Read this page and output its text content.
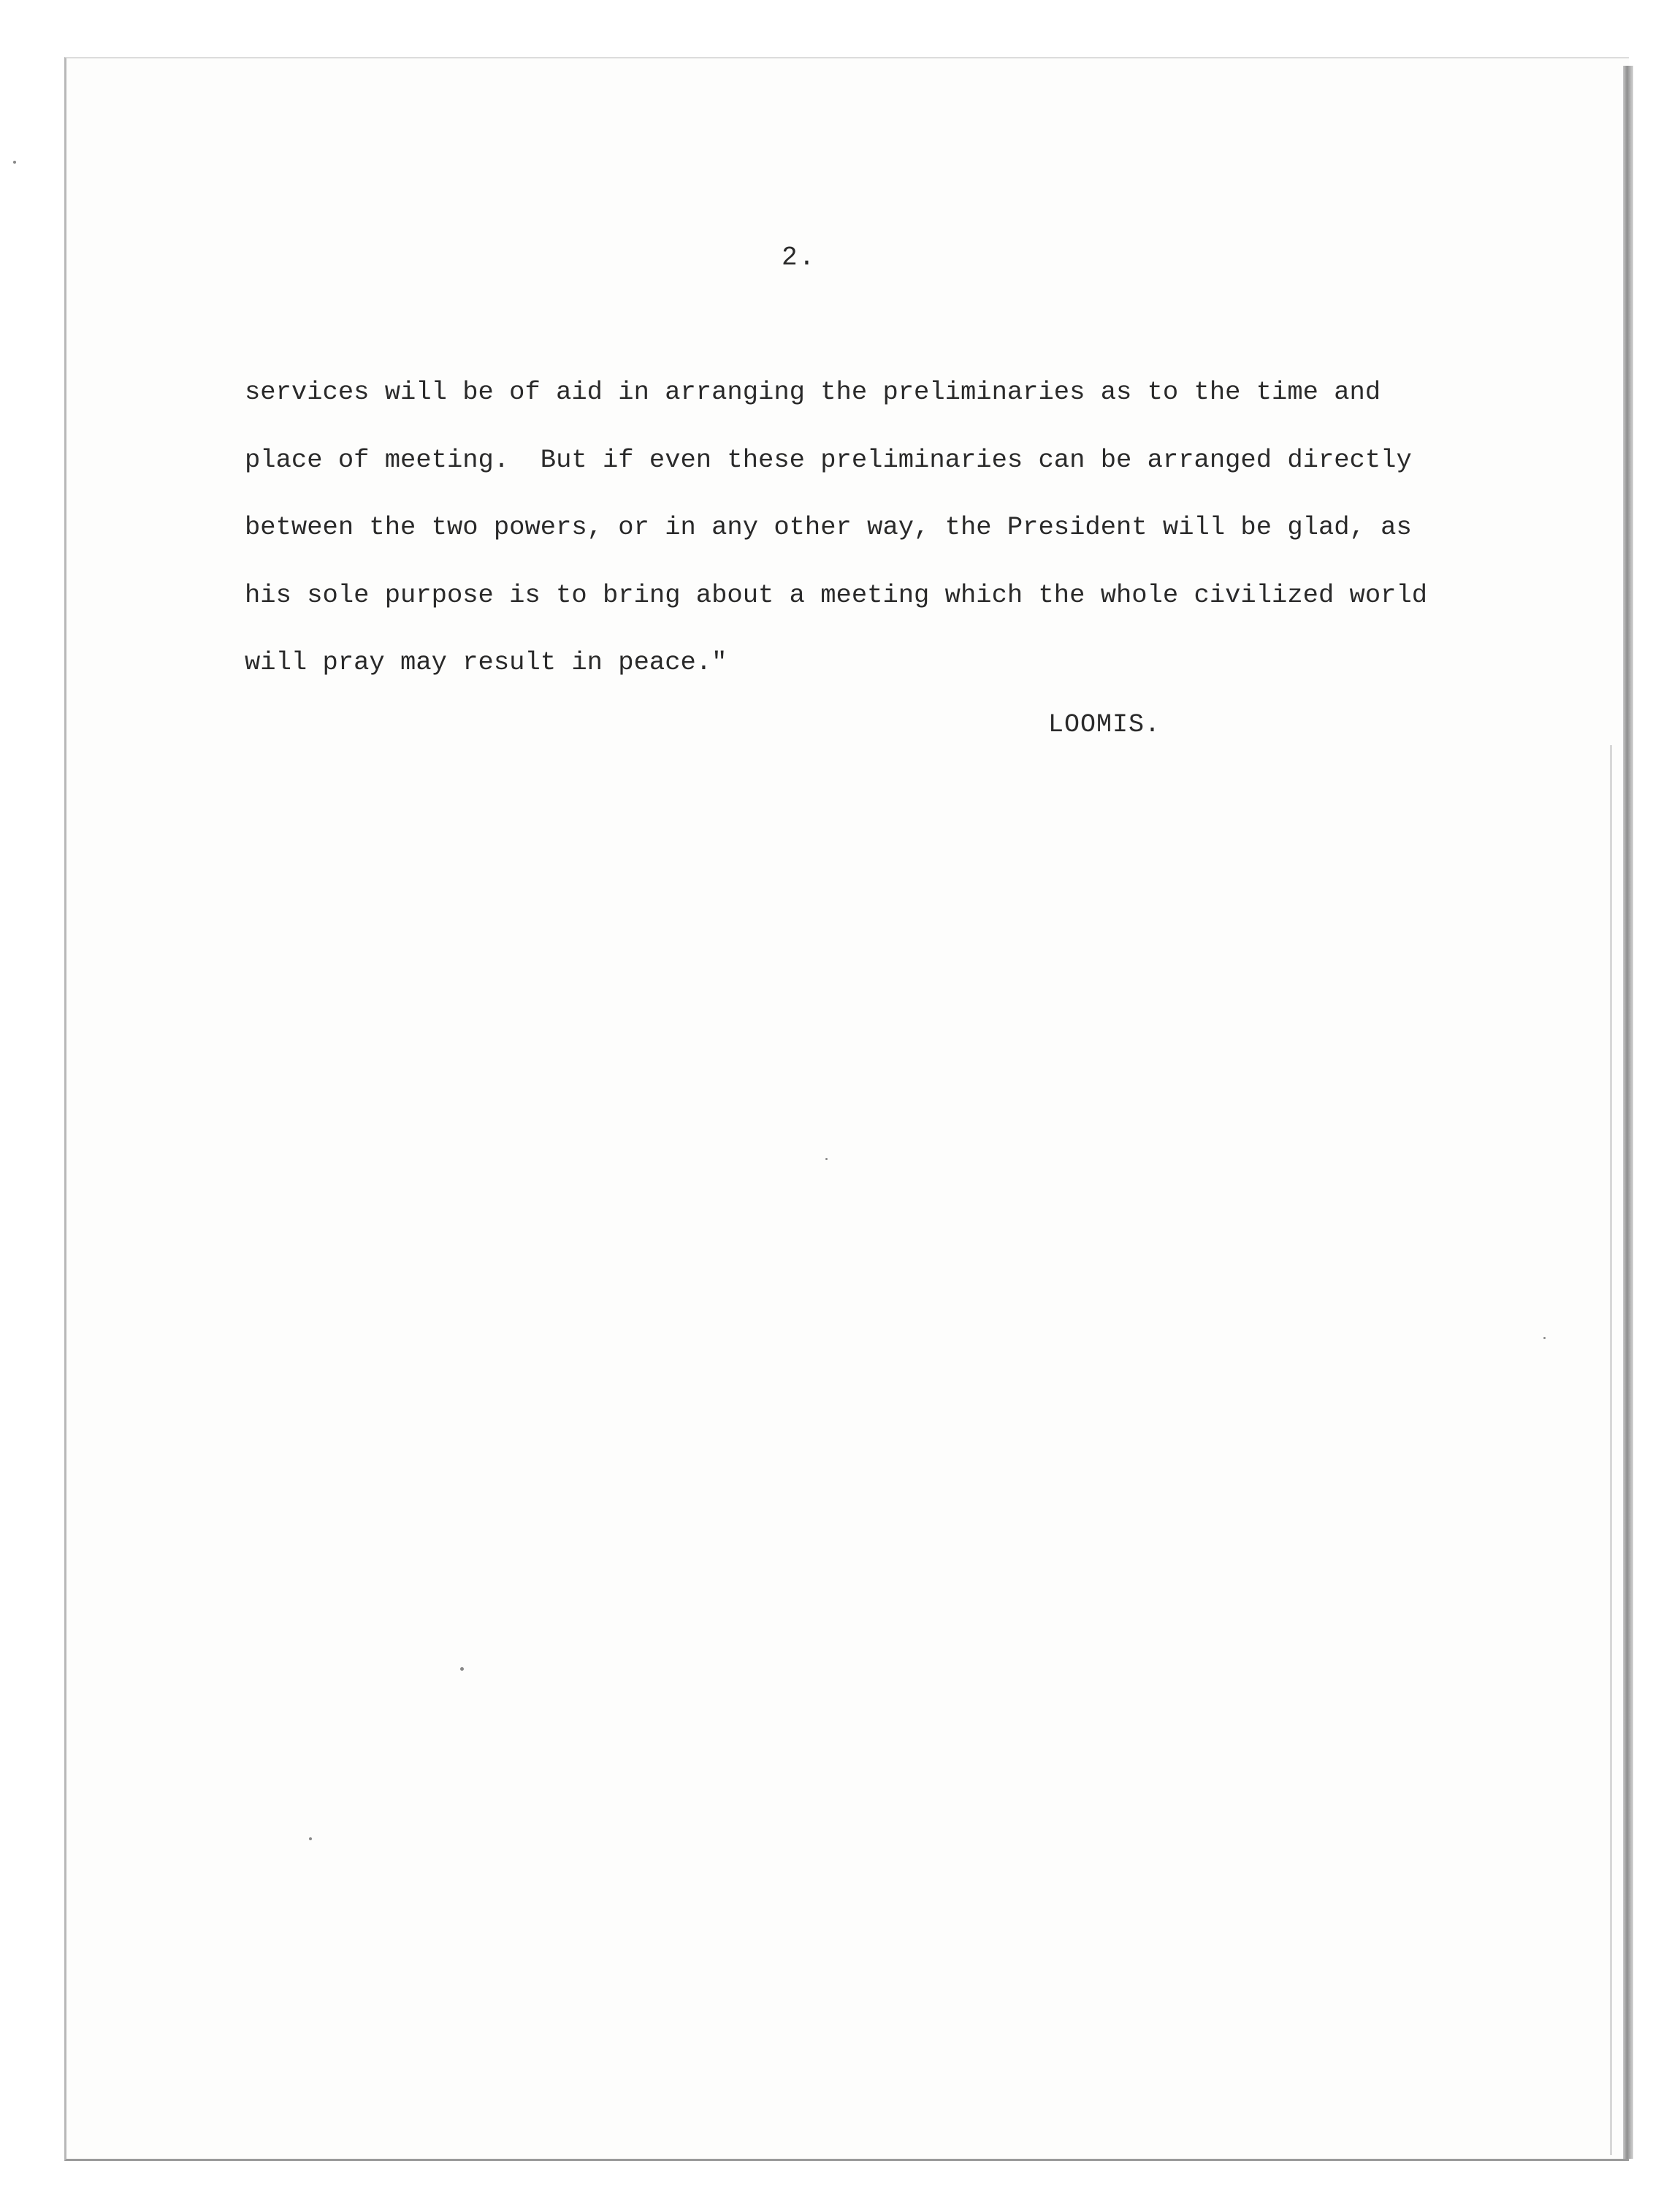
2.
services will be of aid in arranging the preliminaries as to the time and
place of meeting.  But if even these preliminaries can be arranged directly
between the two powers, or in any other way, the President will be glad, as
his sole purpose is to bring about a meeting which the whole civilized world
will pray may result in peace."
LOOMIS.
